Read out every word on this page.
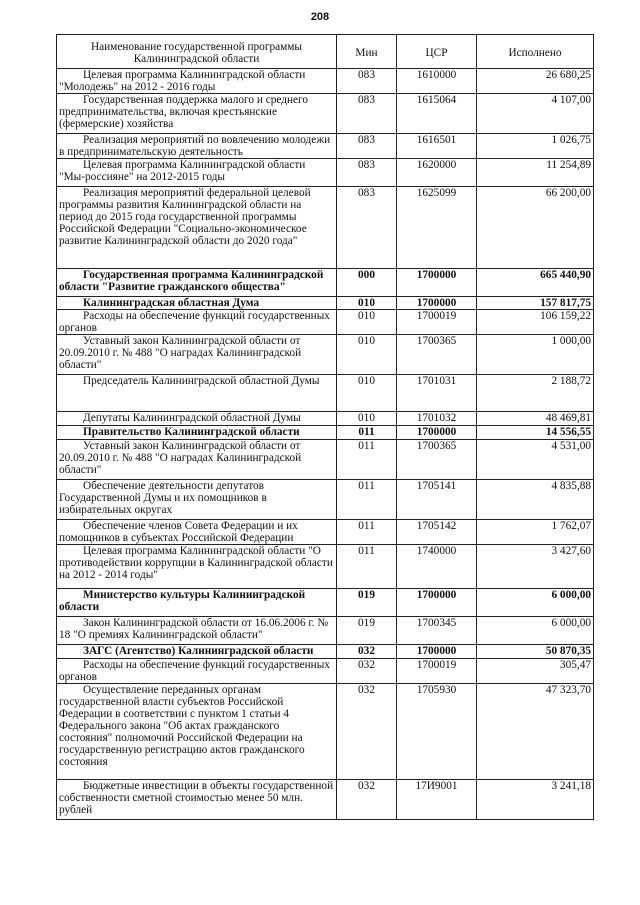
208
Наименование государственной программы Калининградской области	Мин	ЦСР	Исполнено
Целевая программа Калининградской области "Молодежь" на 2012 - 2016 годы	083	1610000	26 680,25
Государственная поддержка малого и среднего предпринимательства, включая крестьянские (фермерские) хозяйства	083	1615064	4 107,00
Реализация мероприятий по вовлечению молодежи в предпринимательскую деятельность	083	1616501	1 026,75
Целевая программа Калининградской области "Мы-россияне" на 2012-2015 годы	083	1620000	11 254,89
Реализация мероприятий федеральной целевой программы развития Калининградской области на период до 2015 года государственной программы Российской Федерации "Социально-экономическое развитие Калининградской области до 2020 года"	083	1625099	66 200,00
Государственная программа Калининградской области "Развитие гражданского общества"	000	1700000	665 440,90
Калининградская областная Дума	010	1700000	157 817,75
Расходы на обеспечение функций государственных органов	010	1700019	106 159,22
Уставный закон Калининградской области от 20.09.2010 г. № 488 "О наградах Калининградской области"	010	1700365	1 000,00
Председатель Калининградской областной Думы	010	1701031	2 188,72
Депутаты Калининградской областной Думы	010	1701032	48 469,81
Правительство Калининградской области	011	1700000	14 556,55
Уставный закон Калининградской области от 20.09.2010 г. № 488 "О наградах Калининградской области"	011	1700365	4 531,00
Обеспечение деятельности депутатов Государственной Думы и их помощников в избирательных округах	011	1705141	4 835,88
Обеспечение членов Совета Федерации и их помощников в субъектах Российской Федерации	011	1705142	1 762,07
Целевая программа Калининградской области "О противодействии коррупции в Калининградской области на 2012 - 2014 годы"	011	1740000	3 427,60
Министерство культуры Калининградской области	019	1700000	6 000,00
Закон Калининградской области от 16.06.2006 г. № 18 "О премиях Калининградской области"	019	1700345	6 000,00
ЗАГС (Агентство) Калининградской области	032	1700000	50 870,35
Расходы на обеспечение функций государственных органов	032	1700019	305,47
Осуществление переданных органам государственной власти субъектов Российской Федерации в соответствии с пунктом 1 статьи 4 Федерального закона "Об актах гражданского состояния" полномочий Российской Федерации на государственную регистрацию актов гражданского состояния	032	1705930	47 323,70
Бюджетные инвестиции в объекты государственной собственности сметной стоимостью менее 50 млн. рублей	032	17И9001	3 241,18
